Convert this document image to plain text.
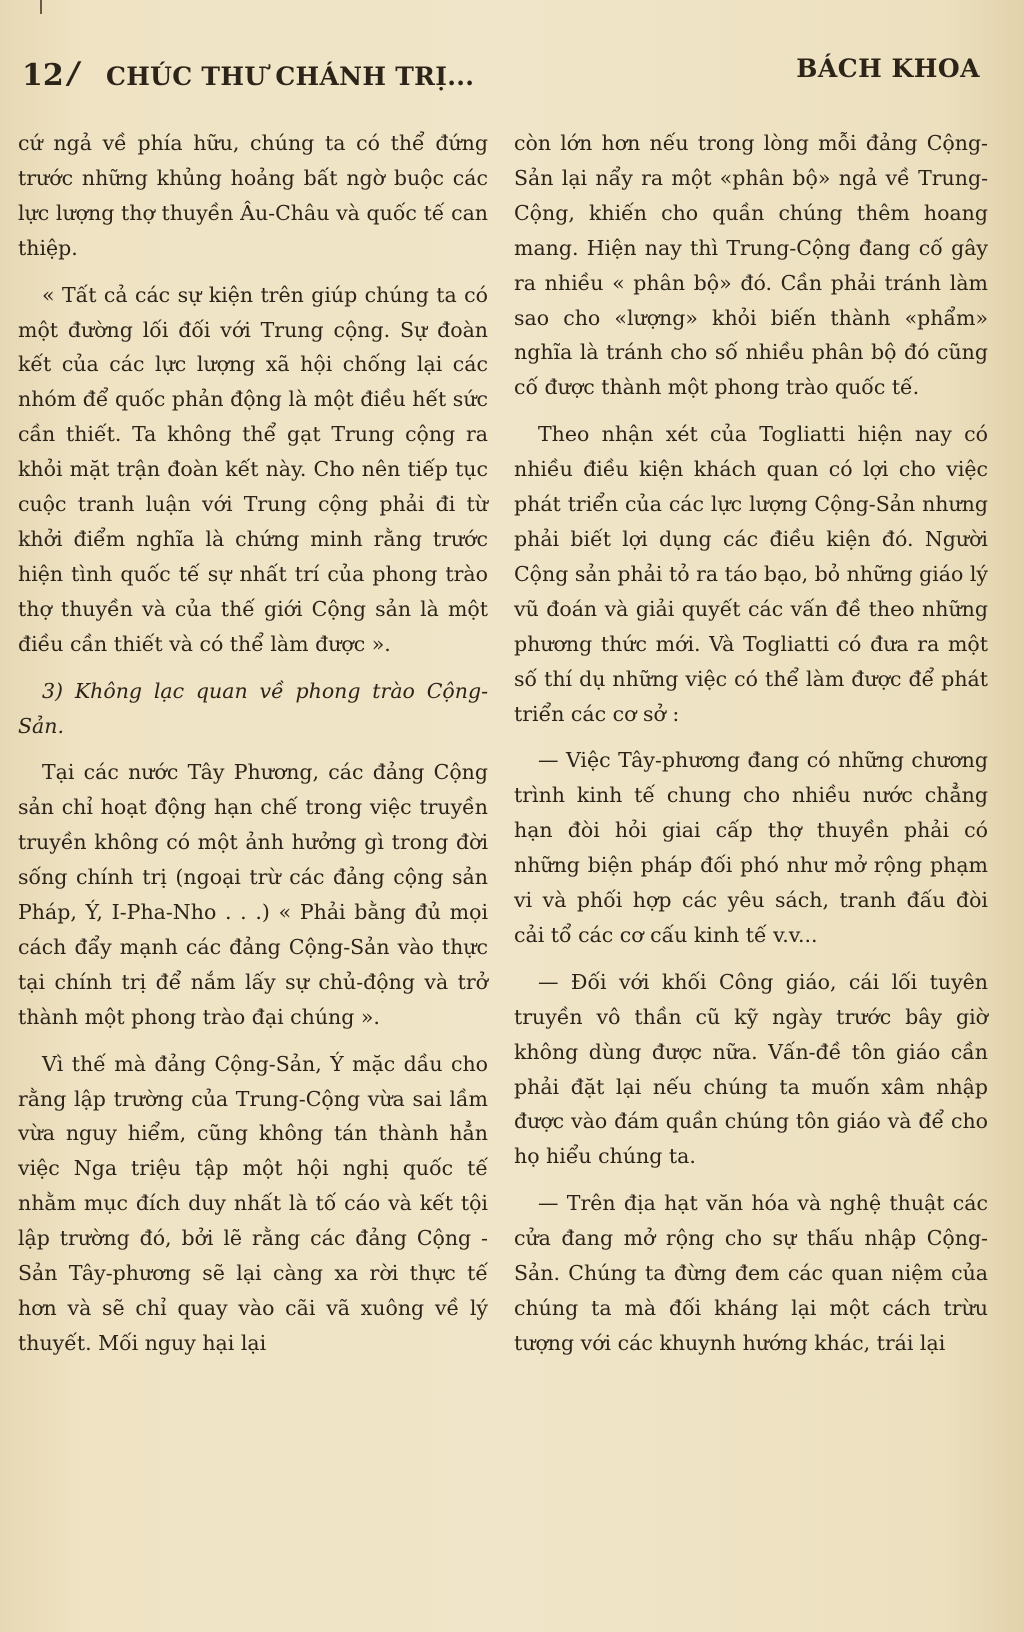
12 / CHÚC THƯ CHÁNH TRỊ...	BÁCH KHOA

cứ ngả về phía hữu, chúng ta có thể đứng trước những khủng hoảng bất ngờ buộc các lực lượng thợ thuyền Âu-Châu và quốc tế can thiệp.

« Tất cả các sự kiện trên giúp chúng ta có một đường lối đối với Trung cộng. Sự đoàn kết của các lực lượng xã hội chống lại các nhóm để quốc phản động là một điều hết sức cần thiết. Ta không thể gạt Trung cộng ra khỏi mặt trận đoàn kết này. Cho nên tiếp tục cuộc tranh luận với Trung cộng phải đi từ khởi điểm nghĩa là chứng minh rằng trước hiện tình quốc tế sự nhất trí của phong trào thợ thuyền và của thế giới Cộng sản là một điều cần thiết và có thể làm được ».

3) Không lạc quan về phong trào Cộng-Sản.

Tại các nước Tây Phương, các đảng Cộng sản chỉ hoạt động hạn chế trong việc truyền truyền không có một ảnh hưởng gì trong đời sống chính trị (ngoại trừ các đảng cộng sản Pháp, Ý, I-Pha-Nho . . .) « Phải bằng đủ mọi cách đẩy mạnh các đảng Cộng-Sản vào thực tại chính trị để nắm lấy sự chủ-động và trở thành một phong trào đại chúng ».

Vì thế mà đảng Cộng-Sản, Ý mặc dầu cho rằng lập trường của Trung-Cộng vừa sai lầm vừa nguy hiểm, cũng không tán thành hẳn việc Nga triệu tập một hội nghị quốc tế nhằm mục đích duy nhất là tố cáo và kết tội lập trường đó, bởi lẽ rằng các đảng Cộng - Sản Tây-phương sẽ lại càng xa rời thực tế hơn và sẽ chỉ quay vào cãi vã xuông về lý thuyết. Mối nguy hại lại

còn lớn hơn nếu trong lòng mỗi đảng Cộng-Sản lại nẩy ra một «phân bộ» ngả về Trung-Cộng, khiến cho quần chúng thêm hoang mang. Hiện nay thì Trung-Cộng đang cố gây ra nhiều « phân bộ» đó. Cần phải tránh làm sao cho «lượng» khỏi biến thành «phẩm» nghĩa là tránh cho số nhiều phân bộ đó cũng cố được thành một phong trào quốc tế.

Theo nhận xét của Togliatti hiện nay có nhiều điều kiện khách quan có lợi cho việc phát triển của các lực lượng Cộng-Sản nhưng phải biết lợi dụng các điều kiện đó. Người Cộng sản phải tỏ ra táo bạo, bỏ những giáo lý vũ đoán và giải quyết các vấn đề theo những phương thức mới. Và Togliatti có đưa ra một số thí dụ những việc có thể làm được để phát triển các cơ sở :

— Việc Tây-phương đang có những chương trình kinh tế chung cho nhiều nước chẳng hạn đòi hỏi giai cấp thợ thuyền phải có những biện pháp đối phó như mở rộng phạm vi và phối hợp các yêu sách, tranh đấu đòi cải tổ các cơ cấu kinh tế v.v...

— Đối với khối Công giáo, cái lối tuyên truyền vô thần cũ kỹ ngày trước bây giờ không dùng được nữa. Vấn-đề tôn giáo cần phải đặt lại nếu chúng ta muốn xâm nhập được vào đám quần chúng tôn giáo và để cho họ hiểu chúng ta.

— Trên địa hạt văn hóa và nghệ thuật các cửa đang mở rộng cho sự thấu nhập Cộng-Sản. Chúng ta đừng đem các quan niệm của chúng ta mà đối kháng lại một cách trừu tượng với các khuynh hướng khác, trái lại
